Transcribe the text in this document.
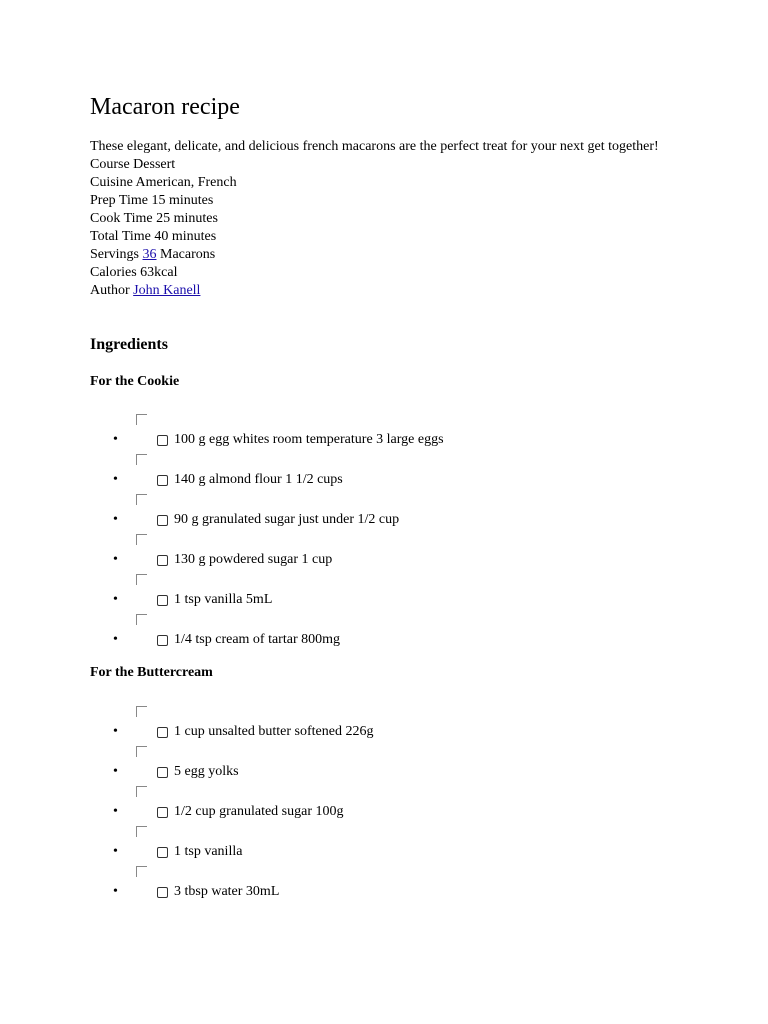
Macaron recipe
These elegant, delicate, and delicious french macarons are the perfect treat for your next get together!
Course Dessert
Cuisine American, French
Prep Time 15 minutes
Cook Time 25 minutes
Total Time 40 minutes
Servings 36 Macarons
Calories 63kcal
Author John Kanell
Ingredients
For the Cookie
•	100 g egg whites room temperature 3 large eggs
•	140 g almond flour 1 1/2 cups
•	90 g granulated sugar just under 1/2 cup
•	130 g powdered sugar 1 cup
•	1 tsp vanilla 5mL
•	1/4 tsp cream of tartar 800mg
For the Buttercream
•	1 cup unsalted butter softened 226g
•	5 egg yolks
•	1/2 cup granulated sugar 100g
•	1 tsp vanilla
•	3 tbsp water 30mL
